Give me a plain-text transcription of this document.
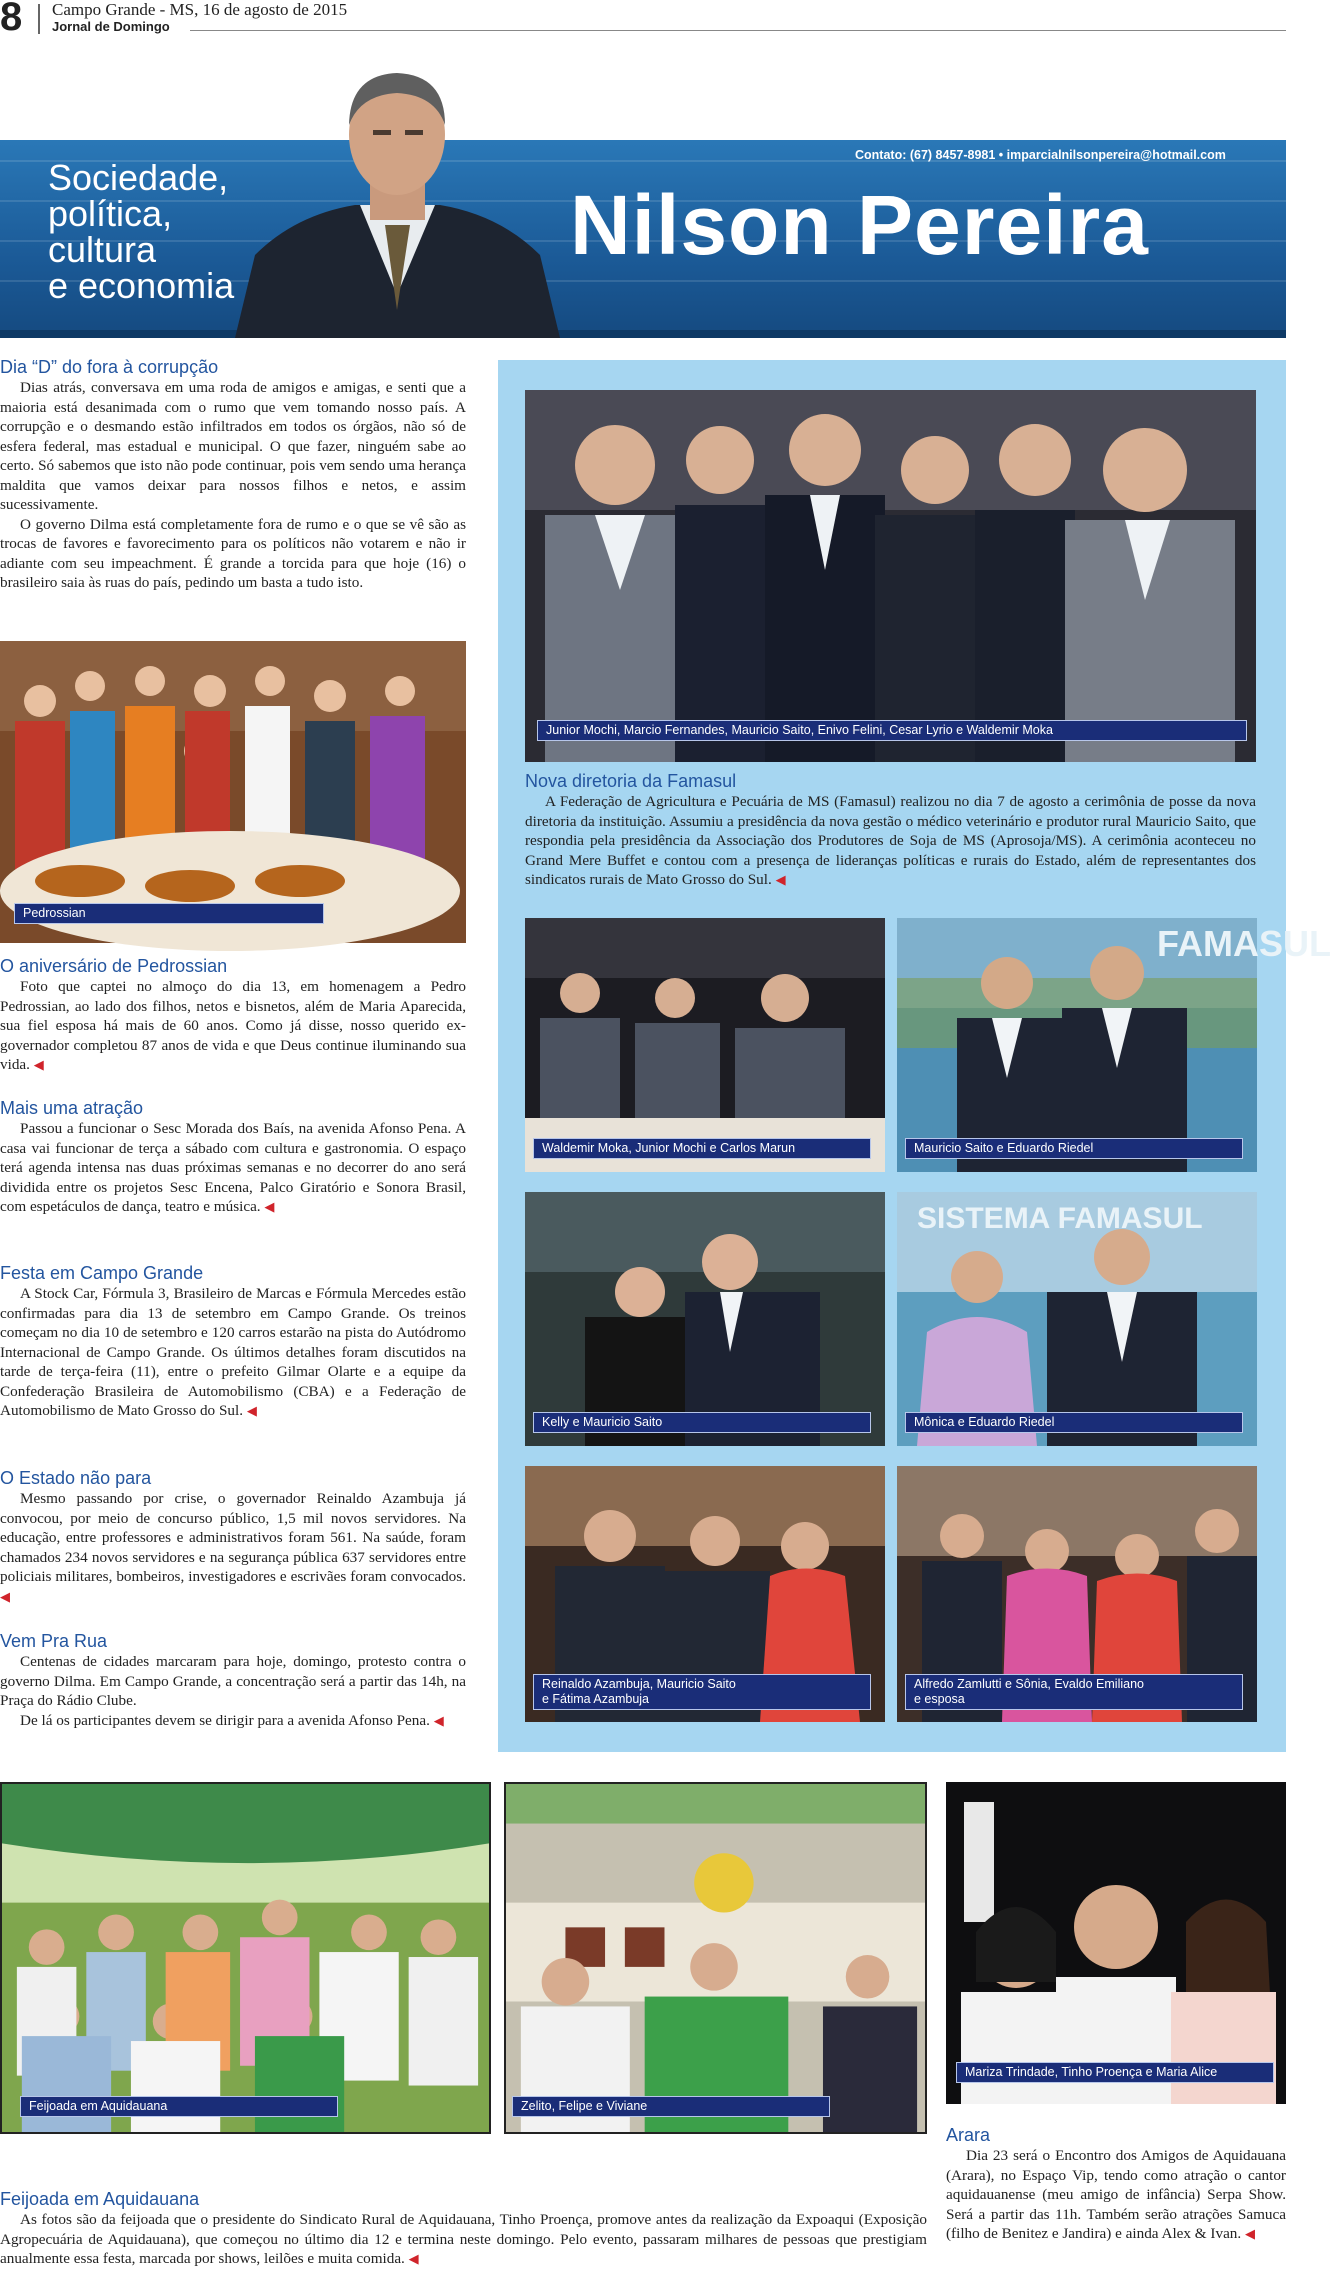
8 Campo Grande - MS, 16 de agosto de 2015
Jornal de Domingo
Sociedade,
política,
cultura
e economia
Nilson Pereira
Contato: (67) 8457-8981 • imparcialnilsonpereira@hotmail.com
Dia “D” do fora à corrupção

Dias atrás, conversava em uma roda de amigos e amigas, e senti que a maioria está desanimada com o rumo que vem tomando nosso país. A corrupção e o desmando estão infiltrados em todos os órgãos, não só de esfera federal, mas estadual e municipal. O que fazer, ninguém sabe ao certo. Só sabemos que isto não pode continuar, pois vem sendo uma herança maldita que vamos deixar para nossos filhos e netos, e assim sucessivamente.

O governo Dilma está completamente fora de rumo e o que se vê são as trocas de favores e favorecimento para os políticos não votarem e não ir adiante com seu impeachment. É grande a torcida para que hoje (16) o brasileiro saia às ruas do país, pedindo um basta a tudo isto.

Pedrossian
O aniversário de Pedrossian

Foto que captei no almoço do dia 13, em homenagem a Pedro Pedrossian, ao lado dos filhos, netos e bisnetos, além de Maria Aparecida, sua fiel esposa há mais de 60 anos. Como já disse, nosso querido ex-governador completou 87 anos de vida e que Deus continue iluminando sua vida. ◀

Mais uma atração

Passou a funcionar o Sesc Morada dos Baís, na avenida Afonso Pena. A casa vai funcionar de terça a sábado com cultura e gastronomia. O espaço terá agenda intensa nas duas próximas semanas e no decorrer do ano será dividida entre os projetos Sesc Encena, Palco Giratório e Sonora Brasil, com espetáculos de dança, teatro e música. ◀

Festa em Campo Grande

A Stock Car, Fórmula 3, Brasileiro de Marcas e Fórmula Mercedes estão confirmadas para dia 13 de setembro em Campo Grande. Os treinos começam no dia 10 de setembro e 120 carros estarão na pista do Autódromo Internacional de Campo Grande. Os últimos detalhes foram discutidos na tarde de terça-feira (11), entre o prefeito Gilmar Olarte e a equipe da Confederação Brasileira de Automobilismo (CBA) e a Federação de Automobilismo de Mato Grosso do Sul. ◀

O Estado não para

Mesmo passando por crise, o governador Reinaldo Azambuja já convocou, por meio de concurso público, 1,5 mil novos servidores. Na educação, entre professores e administrativos foram 561. Na saúde, foram chamados 234 novos servidores e na segurança pública 637 servidores entre policiais militares, bombeiros, investigadores e escrivães foram convocados. ◀

Vem Pra Rua

Centenas de cidades marcaram para hoje, domingo, protesto contra o governo Dilma. Em Campo Grande, a concentração será a partir das 14h, na Praça do Rádio Clube.

De lá os participantes devem se dirigir para a avenida Afonso Pena. ◀

Junior Mochi, Marcio Fernandes, Mauricio Saito, Enivo Felini, Cesar Lyrio e Waldemir Moka
Nova diretoria da Famasul

A Federação de Agricultura e Pecuária de MS (Famasul) realizou no dia 7 de agosto a cerimônia de posse da nova diretoria da instituição. Assumiu a presidência da nova gestão o médico veterinário e produtor rural Mauricio Saito, que respondia pela presidência da Associação dos Produtores de Soja de MS (Aprosoja/MS). A cerimônia aconteceu no Grand Mere Buffet e contou com a presença de lideranças políticas e rurais do Estado, além de representantes dos sindicatos rurais de Mato Grosso do Sul. ◀

Waldemir Moka, Junior Mochi e Carlos Marun
FAMASUL
Mauricio Saito e Eduardo Riedel
Kelly e Mauricio Saito
SISTEMA FAMASUL
Mônica e Eduardo Riedel
Reinaldo Azambuja, Mauricio Saito
e Fátima Azambuja
Alfredo Zamlutti e Sônia, Evaldo Emiliano
e esposa
Feijoada em Aquidauana	Zelito, Felipe e Viviane
Mariza Trindade, Tinho Proença e Maria Alice
Feijoada em Aquidauana

As fotos são da feijoada que o presidente do Sindicato Rural de Aquidauana, Tinho Proença, promove antes da realização da Expoaqui (Exposição Agropecuária de Aquidauana), que começou no último dia 12 e termina neste domingo. Pelo evento, passaram milhares de pessoas que prestigiam anualmente essa festa, marcada por shows, leilões e muita comida. ◀

Arara

Dia 23 será o Encontro dos Amigos de Aquidauana (Arara), no Espaço Vip, tendo como atração o cantor aquidauanense (meu amigo de infância) Serpa Show. Será a partir das 11h. Também serão atrações Samuca (filho de Benitez e Jandira) e ainda Alex & Ivan. ◀
